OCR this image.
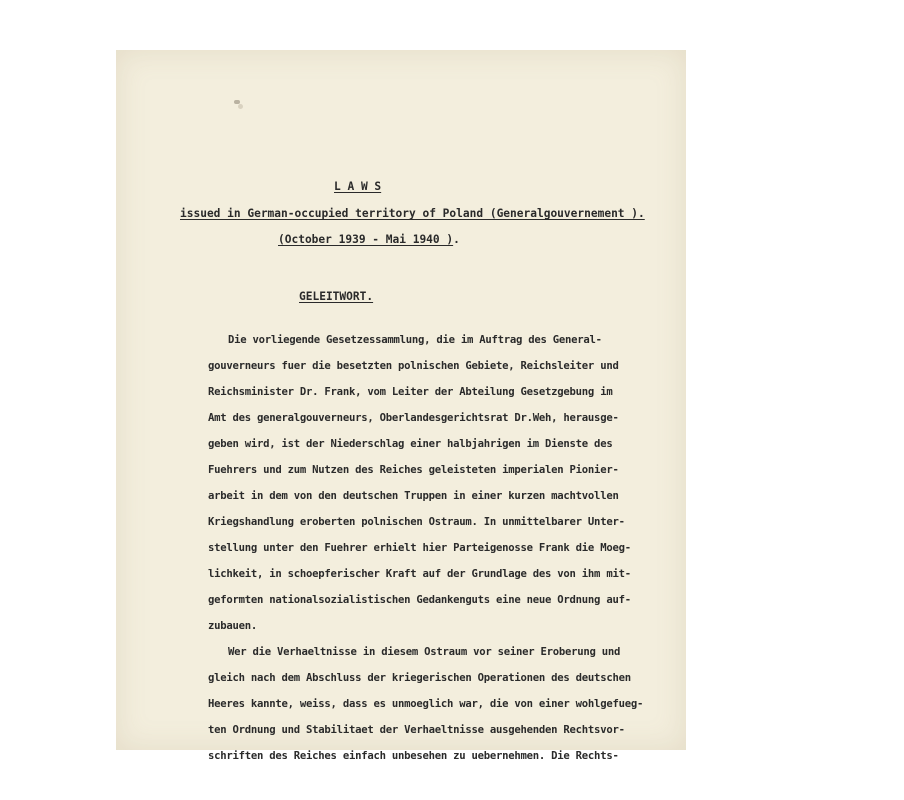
L A W S
issued in German-occupied territory of Poland (Generalgouvernement ).
(October 1939 - Mai 1940 ).
GELEITWORT.
Die vorliegende Gesetzessammlung, die im Auftrag des General-
gouverneurs fuer die besetzten polnischen Gebiete, Reichsleiter und
Reichsminister Dr. Frank, vom Leiter der Abteilung Gesetzgebung im
Amt des generalgouverneurs, Oberlandesgerichtsrat Dr.Weh, herausge-
geben wird, ist der Niederschlag einer halbjahrigen im Dienste des
Fuehrers und zum Nutzen des Reiches geleisteten imperialen Pionier-
arbeit in dem von den deutschen Truppen in einer kurzen machtvollen
Kriegshandlung eroberten polnischen Ostraum. In unmittelbarer Unter-
stellung unter den Fuehrer erhielt hier Parteigenosse Frank die Moeg-
lichkeit, in schoepferischer Kraft auf der Grundlage des von ihm mit-
geformten nationalsozialistischen Gedankenguts eine neue Ordnung auf-
zubauen.
Wer die Verhaeltnisse in diesem Ostraum vor seiner Eroberung und
gleich nach dem Abschluss der kriegerischen Operationen des deutschen
Heeres kannte, weiss, dass es unmoeglich war, die von einer wohlgefueg-
ten Ordnung und Stabilitaet der Verhaeltnisse ausgehenden Rechtsvor-
schriften des Reiches einfach unbesehen zu uebernehmen. Die Rechts-
